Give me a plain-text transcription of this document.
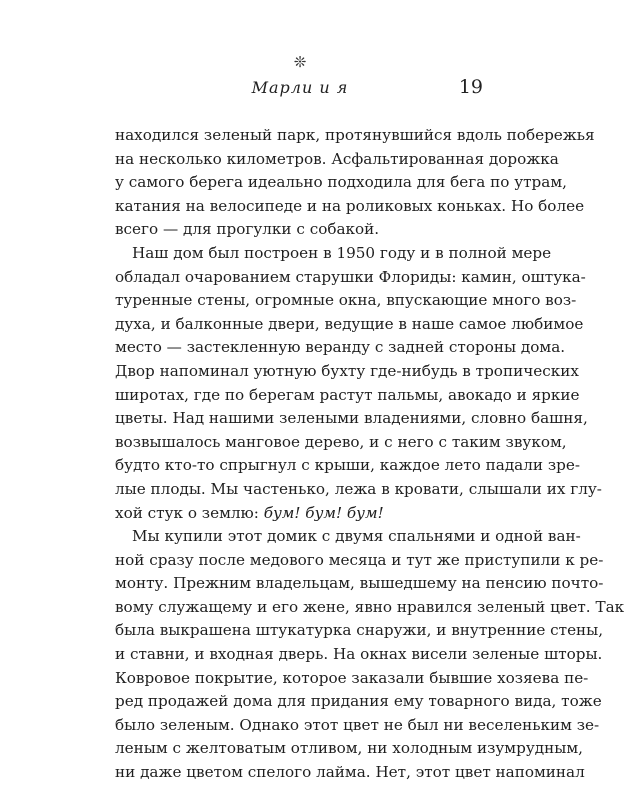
❊
Марли и я	19
находился зеленый парк, протянувшийся вдоль побережья
на несколько километров. Асфальтированная дорожка
у самого берега идеально подходила для бега по утрам,
катания на велосипеде и на роликовых коньках. Но более
всего — для прогулки с собакой.
Наш дом был построен в 1950 году и в полной мере
обладал очарованием старушки Флориды: камин, оштука-
туренные стены, огромные окна, впускающие много воз-
духа, и балконные двери, ведущие в наше самое любимое
место — застекленную веранду с задней стороны дома.
Двор напоминал уютную бухту где-нибудь в тропических
широтах, где по берегам растут пальмы, авокадо и яркие
цветы. Над нашими зелеными владениями, словно башня,
возвышалось манговое дерево, и с него с таким звуком,
будто кто-то спрыгнул с крыши, каждое лето падали зре-
лые плоды. Мы частенько, лежа в кровати, слышали их глу-
хой стук о землю: бум! бум! бум!
Мы купили этот домик с двумя спальнями и одной ван-
ной сразу после медового месяца и тут же приступили к ре-
монту. Прежним владельцам, вышедшему на пенсию почто-
вому служащему и его жене, явно нравился зеленый цвет. Так
была выкрашена штукатурка снаружи, и внутренние стены,
и ставни, и входная дверь. На окнах висели зеленые шторы.
Ковровое покрытие, которое заказали бывшие хозяева пе-
ред продажей дома для придания ему товарного вида, тоже
было зеленым. Однако этот цвет не был ни веселеньким зе-
леным с желтоватым отливом, ни холодным изумрудным,
ни даже цветом спелого лайма. Нет, этот цвет напоминал
